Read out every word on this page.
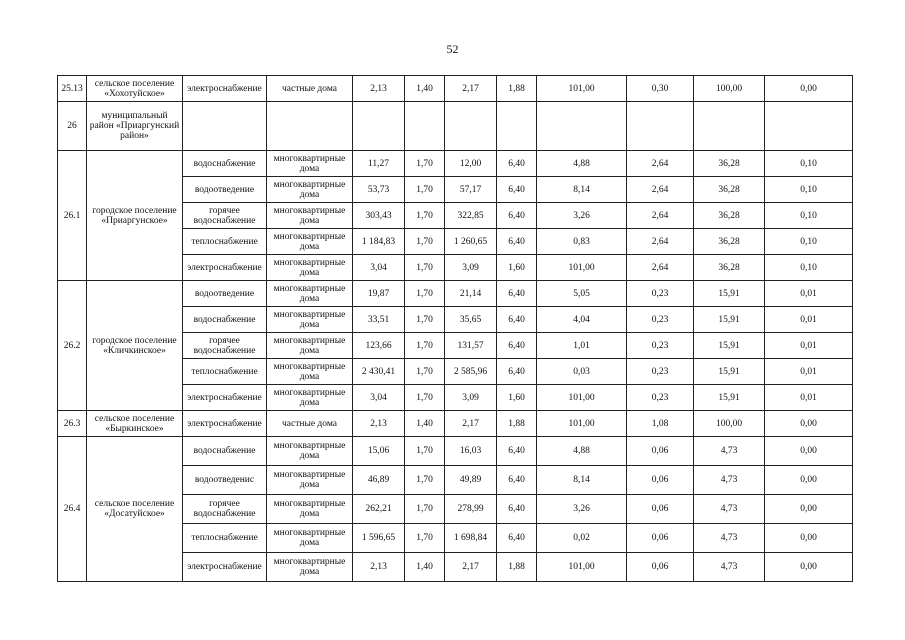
52
25.13	сельское поселение «Хохотуйское»	электроснабжение	частные дома	2,13	1,40	2,17	1,88	101,00	0,30	100,00	0,00
26	муниципальный район «Приаргунский район»										
26.1	городское поселение «Приаргунское»	водоснабжение	многоквартирные дома	11,27	1,70	12,00	6,40	4,88	2,64	36,28	0,10
		водоотведение	многоквартирные дома	53,73	1,70	57,17	6,40	8,14	2,64	36,28	0,10
		горячее водоснабжение	многоквартирные дома	303,43	1,70	322,85	6,40	3,26	2,64	36,28	0,10
		теплоснабжение	многоквартирные дома	1 184,83	1,70	1 260,65	6,40	0,83	2,64	36,28	0,10
		электроснабжение	многоквартирные дома	3,04	1,70	3,09	1,60	101,00	2,64	36,28	0,10
26.2	городское поселение «Кличкинское»	водоотведение	многоквартирные дома	19,87	1,70	21,14	6,40	5,05	0,23	15,91	0,01
		водоснабжение	многоквартирные дома	33,51	1,70	35,65	6,40	4,04	0,23	15,91	0,01
		горячее водоснабжение	многоквартирные дома	123,66	1,70	131,57	6,40	1,01	0,23	15,91	0,01
		теплоснабжение	многоквартирные дома	2 430,41	1,70	2 585,96	6,40	0,03	0,23	15,91	0,01
		электроснабжение	многоквартирные дома	3,04	1,70	3,09	1,60	101,00	0,23	15,91	0,01
26.3	сельское поселение «Быркинское»	электроснабжение	частные дома	2,13	1,40	2,17	1,88	101,00	1,08	100,00	0,00
26.4	сельское поселение «Досатуйское»	водоснабжение	многоквартирные дома	15,06	1,70	16,03	6,40	4,88	0,06	4,73	0,00
		водоотведенис	многоквартирные дома	46,89	1,70	49,89	6,40	8,14	0,06	4,73	0,00
		горячее водоснабжение	многоквартирные дома	262,21	1,70	278,99	6,40	3,26	0,06	4,73	0,00
		теплоснабжение	многоквартирные дома	1 596,65	1,70	1 698,84	6,40	0,02	0,06	4,73	0,00
		электроснабжение	многоквартирные дома	2,13	1,40	2,17	1,88	101,00	0,06	4,73	0,00
